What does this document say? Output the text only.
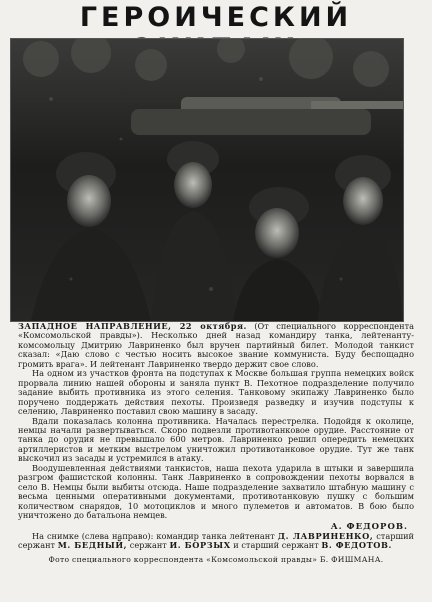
ГЕРОИЧЕСКИЙ

ЗАПАДНОЕ НАПРАВЛЕНИЕ, 22 октября. (От специального корреспондента «Комсомольской правды»). Несколько дней назад командиру танка, лейтенанту-комсомольцу Дмитрию Лавриненко был вручен партийный билет. Молодой танкист сказал: «Даю слово с честью носить высокое звание коммуниста. Буду беспощадно громить врага». И лейтенант Лавриненко твердо держит свое слово.

На одном из участков фронта на подступах к Москве большая группа немецких войск прорвала линию нашей обороны и заняла пункт В. Пехотное подразделение получило задание выбить противника из этого селения. Танковому экипажу Лавриненко было поручено поддержать действия пехоты. Произведя разведку и изучив подступы к селению, Лавриненко поставил свою машину в засаду.

Вдали показалась колонна противника. Началась перестрелка. Подойдя к околице, немцы начали развертываться. Скоро подвезли противотанковое орудие. Расстояние от танка до орудия не превышало 600 метров. Лавриненко решил опередить немецких артиллеристов и метким выстрелом уничтожил противотанковое орудие. Тут же танк выскочил из засады и устремился в атаку.

Воодушевленная действиями танкистов, наша пехота ударила в штыки и завершила разгром фашистской колонны. Танк Лавриненко в сопровождении пехоты ворвался в село В. Немцы были выбиты отсюда. Наше подразделение захватило штабную машину с весьма ценными оперативными документами, противотанковую пушку с большим количеством снарядов, 10 мотоциклов и много пулеметов и автоматов. В бою было уничтожено до батальона немцев.

А. ФЕДОРОВ.

На снимке (слева направо): командир танка лейтенант Д. ЛАВРИНЕНКО, старший сержант М. БЕДНЫЙ, сержант И. БОРЗЫХ и старший сержант В. ФЕДОТОВ.

Фото специального корреспондента «Комсомольской правды» Б. ФИШМАНА.
